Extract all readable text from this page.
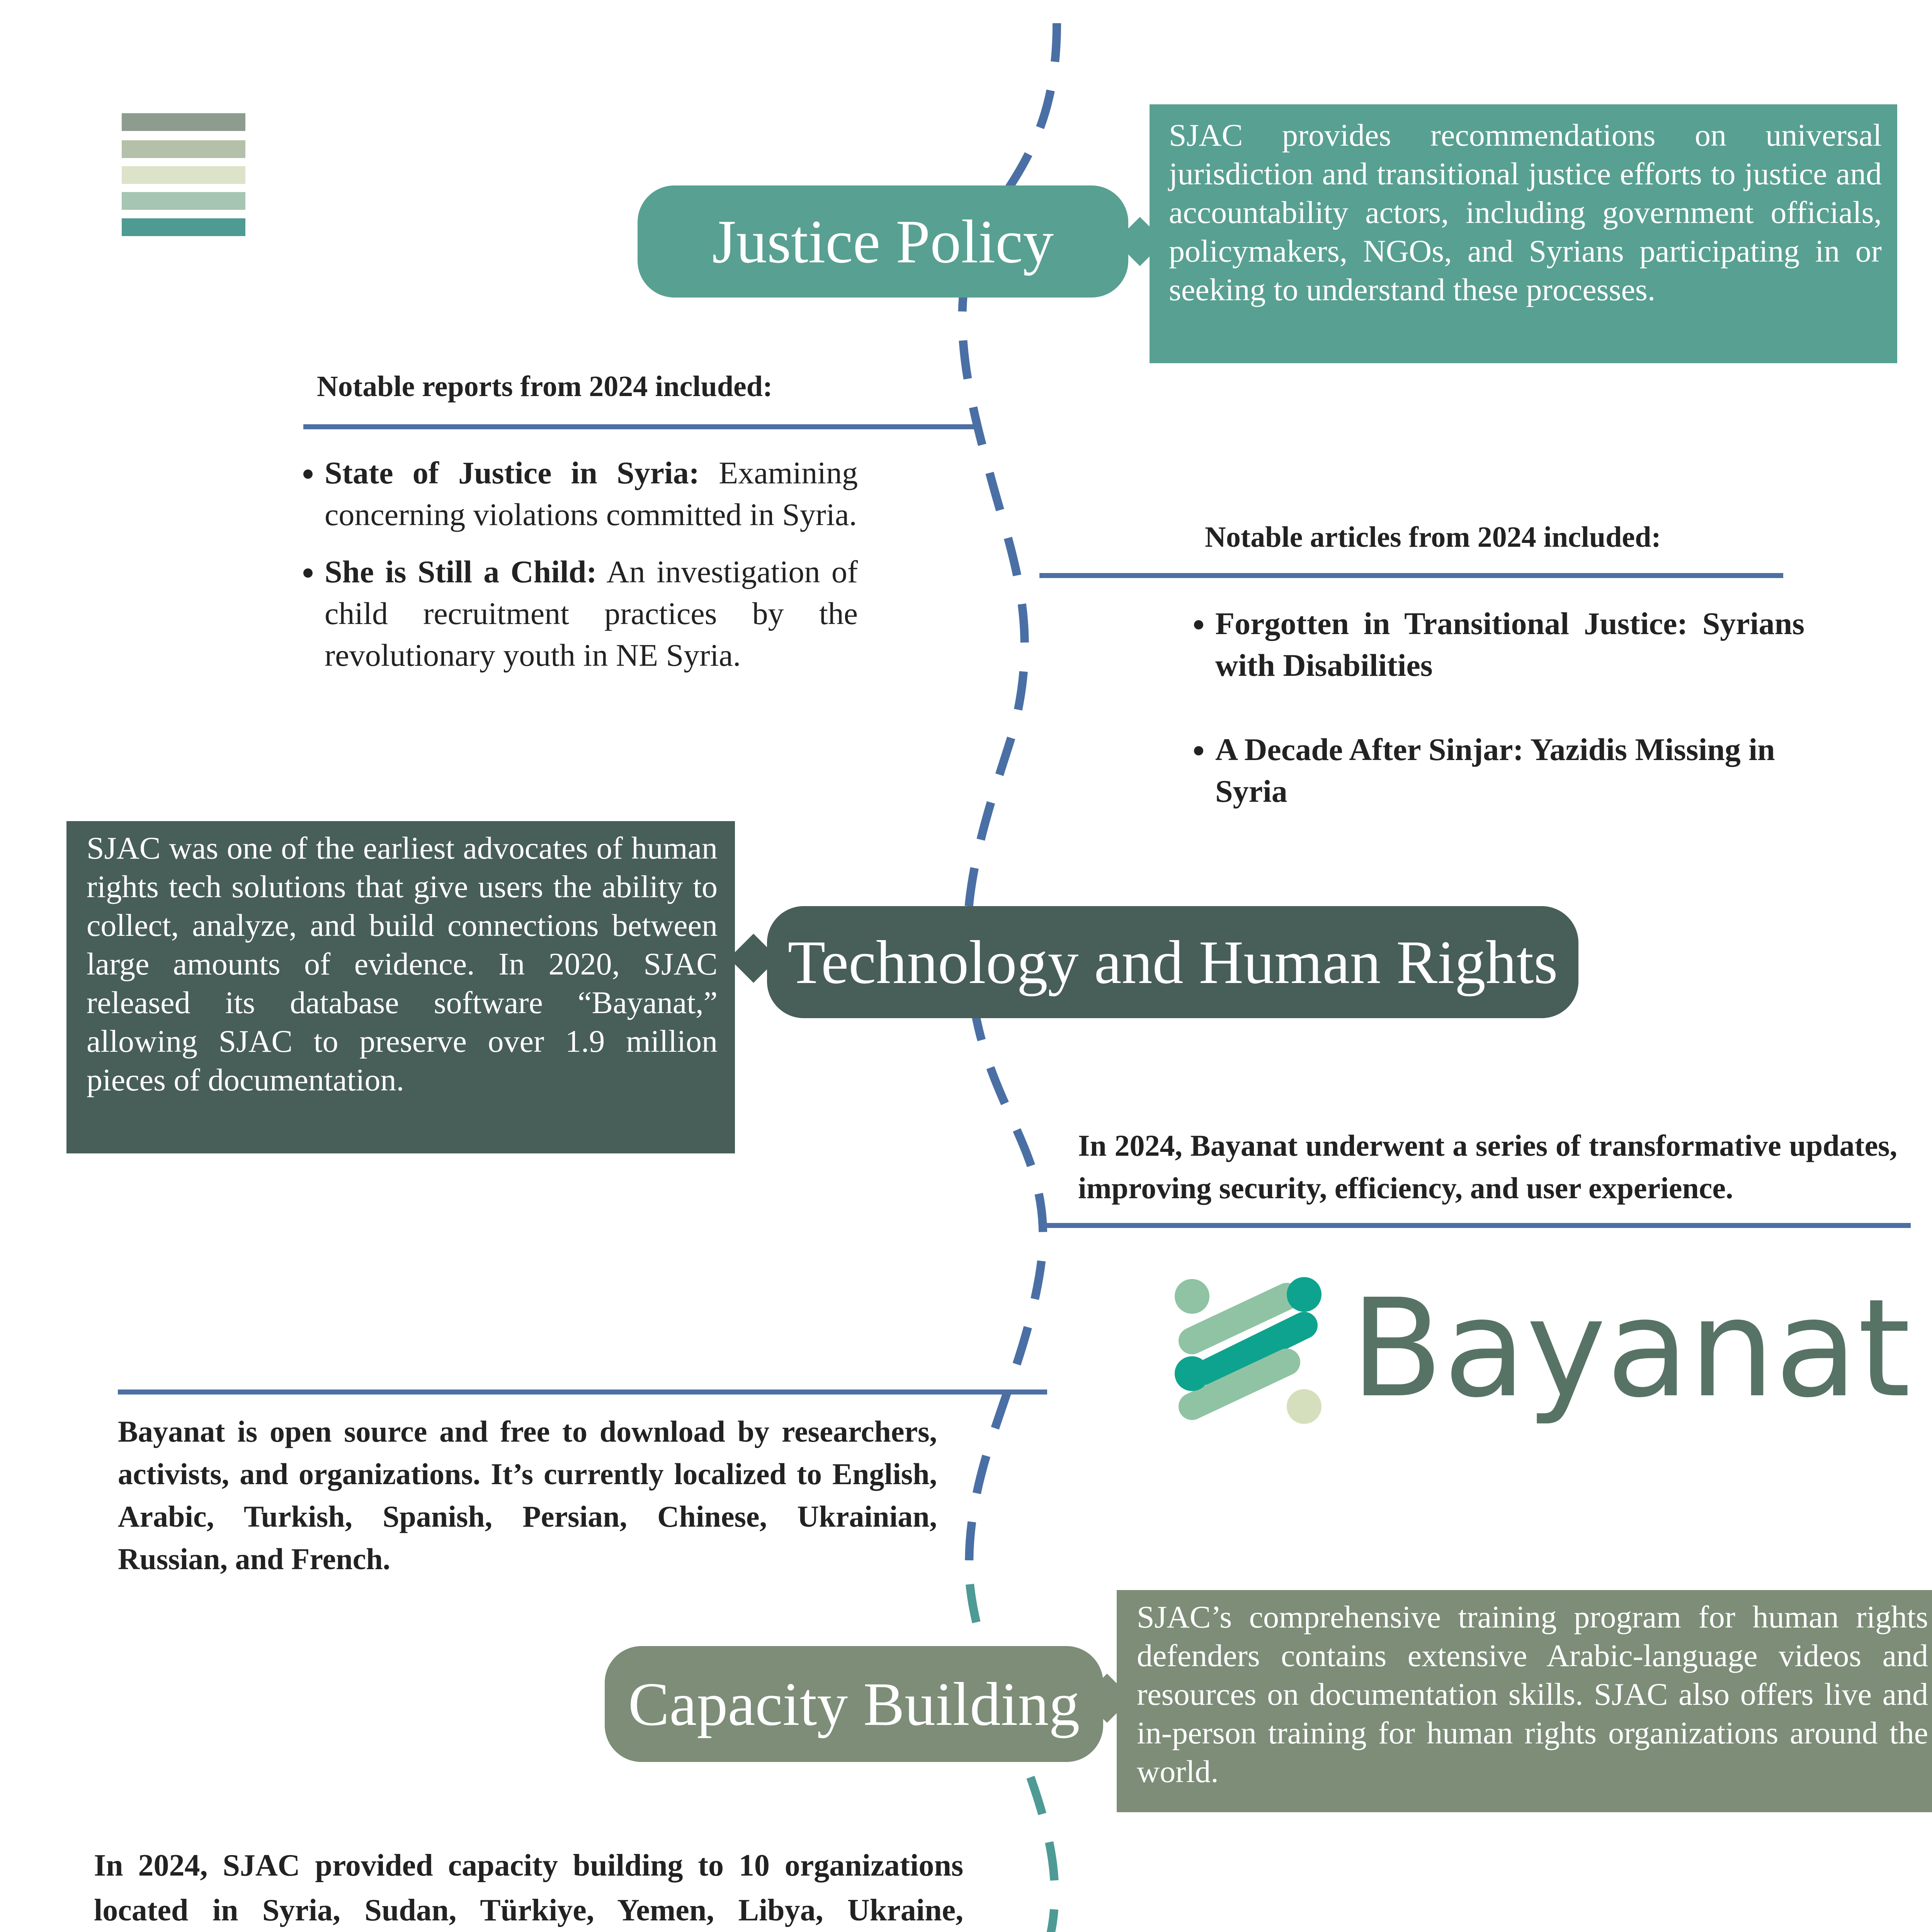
Justice Policy
SJAC provides recommendations on universal jurisdiction and transitional justice efforts to justice and accountability actors, including government officials, policymakers, NGOs, and Syrians participating in or seeking to understand these processes.
Notable reports from 2024 included:
• State of Justice in Syria: Examining concerning violations committed in Syria.
• She is Still a Child: An investigation of child recruitment practices by the revolutionary youth in NE Syria.
Notable articles from 2024 included:
• Forgotten in Transitional Justice: Syrians with Disabilities
• A Decade After Sinjar: Yazidis Missing in Syria
SJAC was one of the earliest advocates of human rights tech solutions that give users the ability to collect, analyze, and build connections between large amounts of evidence. In 2020, SJAC released its database software “Bayanat,” allowing SJAC to preserve over 1.9 million pieces of documentation.
Technology and Human Rights
In 2024, Bayanat underwent a series of transformative updates, improving security, efficiency, and user experience.
Bayanat
Bayanat is open source and free to download by researchers, activists, and organizations. It’s currently localized to English, Arabic, Turkish, Spanish, Persian, Chinese, Ukrainian, Russian, and French.
Capacity Building
SJAC’s comprehensive training program for human rights defenders contains extensive Arabic-language videos and resources on documentation skills. SJAC also offers live and in-person training for human rights organizations around the world.
In 2024, SJAC provided capacity building to 10 organizations located in Syria, Sudan, Türkiye, Yemen, Libya, Ukraine,
